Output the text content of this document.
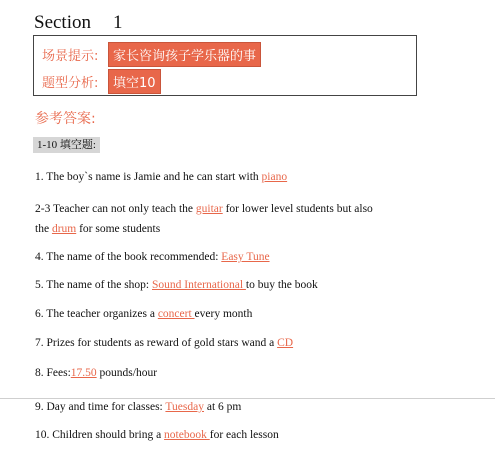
Section 1
场景提示:	家长咨询孩子学乐器的事
题型分析:	填空10
参考答案:
1-10 填空题:
1. The boy`s name is Jamie and he can start with piano
2-3 Teacher can not only teach the guitar for lower level students but also
the drum for some students
4. The name of the book recommended: Easy Tune
5. The name of the shop: Sound International to buy the book
6. The teacher organizes a concert every month
7. Prizes for students as reward of gold stars wand a CD
8. Fees:17.50 pounds/hour
9. Day and time for classes: Tuesday at 6 pm
10. Children should bring a notebook for each lesson
